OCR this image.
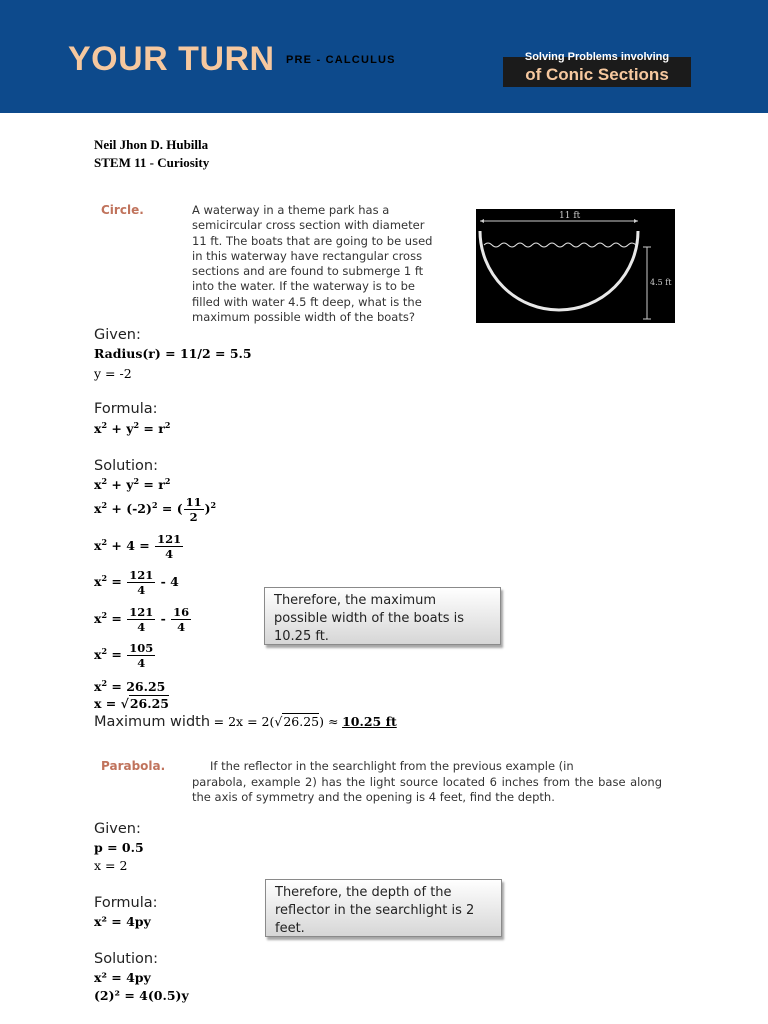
YOUR TURN PRE - CALCULUS	Solving Problems involving
of Conic Sections
Neil Jhon D. Hubilla
STEM 11 - Curiosity
Circle.	A waterway in a theme park has a
semicircular cross section with diameter
11 ft. The boats that are going to be used
in this waterway have rectangular cross
sections and are found to submerge 1 ft
into the water. If the waterway is to be
filled with water 4.5 ft deep, what is the
maximum possible width of the boats?
11 ft
4.5 ft
Given:
Radius(r) = 11/2 = 5.5
y = -2
Formula:
$x^2 + y^2 = r^2$
Solution:
$x^2 + y^2 = r^2$
$x^2 + (-2)^2$ = ( $\frac{11}{2} )^2$
$x^2 + 4 = \frac{121}{4}$
$x^2 = \frac{121}{4} - 4$
$x^2 = \frac{121}{4} - \frac{16}{4}$
$x^2 = \frac{105}{4}$
$x^2 = 26.25$
x = √26.25
Maximum width = 2x = 2(√26.25) ≈ 10.25 ft
Therefore, the maximum possible width of the boats is 10.25 ft.
Parabola.	If the reflector in the searchlight from the previous example (in
parabola, example 2) has the light source located 6 inches from the base along the axis of symmetry and the opening is 4 feet, find the depth.
Given:
p = 0.5
x = 2
Formula:
x² = 4py
Solution:
x² = 4py
(2)² = 4(0.5)y
Therefore, the depth of the reflector in the searchlight is 2 feet.
